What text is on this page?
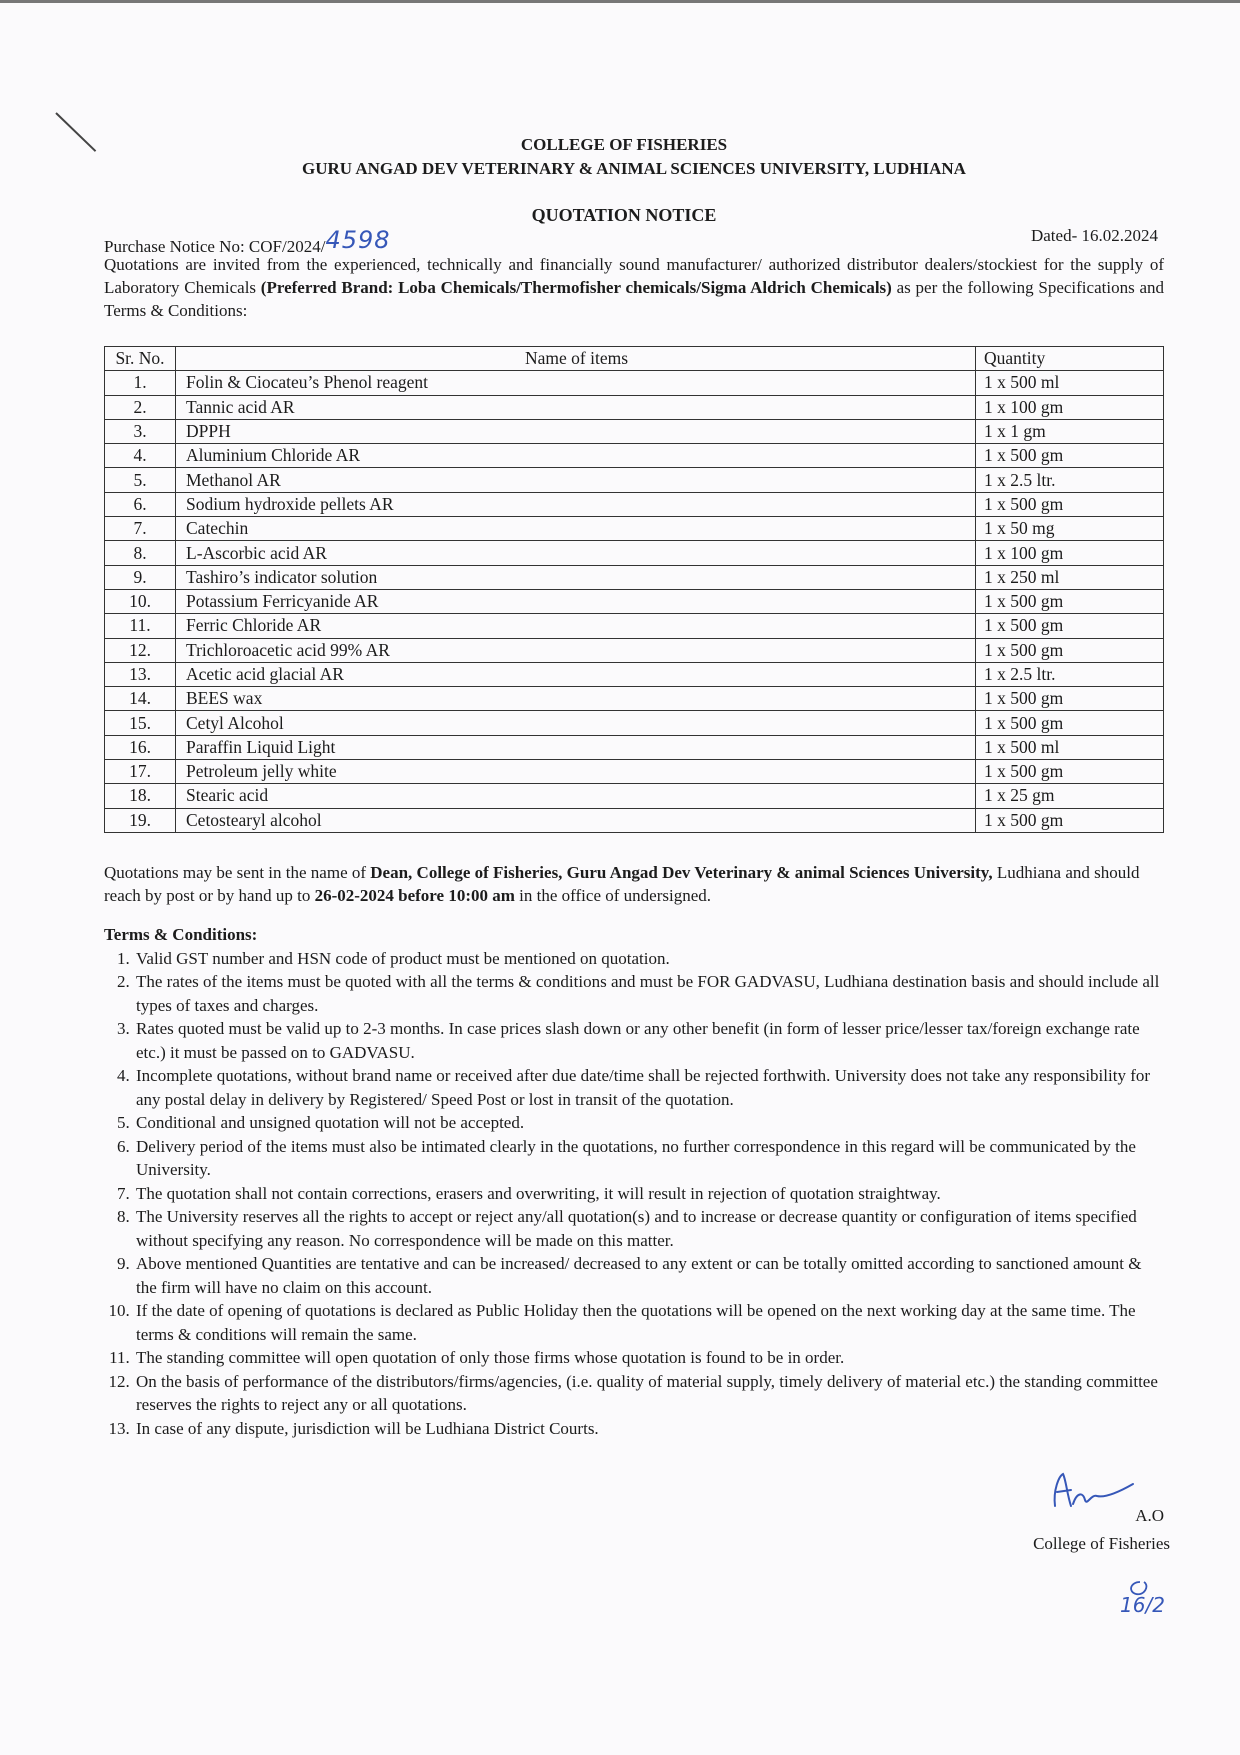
COLLEGE OF FISHERIES
GURU ANGAD DEV VETERINARY & ANIMAL SCIENCES UNIVERSITY, LUDHIANA
QUOTATION NOTICE
Purchase Notice No: COF/2024/4598	Dated- 16.02.2024
Quotations are invited from the experienced, technically and financially sound manufacturer/ authorized distributor dealers/stockiest for the supply of Laboratory Chemicals (Preferred Brand: Loba Chemicals/Thermofisher chemicals/Sigma Aldrich Chemicals) as per the following Specifications and Terms & Conditions:
Sr. No.	Name of items	Quantity
1.	Folin & Ciocateu’s Phenol reagent	1 x 500 ml
2.	Tannic acid AR	1 x 100 gm
3.	DPPH	1 x 1 gm
4.	Aluminium Chloride AR	1 x 500 gm
5.	Methanol AR	1 x 2.5 ltr.
6.	Sodium hydroxide pellets AR	1 x 500 gm
7.	Catechin	1 x 50 mg
8.	L-Ascorbic acid AR	1 x 100 gm
9.	Tashiro’s indicator solution	1 x 250 ml
10.	Potassium Ferricyanide AR	1 x 500 gm
11.	Ferric Chloride AR	1 x 500 gm
12.	Trichloroacetic acid 99% AR	1 x 500 gm
13.	Acetic acid glacial AR	1 x 2.5 ltr.
14.	BEES wax	1 x 500 gm
15.	Cetyl Alcohol	1 x 500 gm
16.	Paraffin Liquid Light	1 x 500 ml
17.	Petroleum jelly white	1 x 500 gm
18.	Stearic acid	1 x 25 gm
19.	Cetostearyl alcohol	1 x 500 gm
Quotations may be sent in the name of Dean, College of Fisheries, Guru Angad Dev Veterinary & animal Sciences University, Ludhiana and should reach by post or by hand up to 26-02-2024 before 10:00 am in the office of undersigned.
Terms & Conditions:
1. Valid GST number and HSN code of product must be mentioned on quotation.
2. The rates of the items must be quoted with all the terms & conditions and must be FOR GADVASU, Ludhiana destination basis and should include all types of taxes and charges.
3. Rates quoted must be valid up to 2-3 months. In case prices slash down or any other benefit (in form of lesser price/lesser tax/foreign exchange rate etc.) it must be passed on to GADVASU.
4. Incomplete quotations, without brand name or received after due date/time shall be rejected forthwith. University does not take any responsibility for any postal delay in delivery by Registered/ Speed Post or lost in transit of the quotation.
5. Conditional and unsigned quotation will not be accepted.
6. Delivery period of the items must also be intimated clearly in the quotations, no further correspondence in this regard will be communicated by the University.
7. The quotation shall not contain corrections, erasers and overwriting, it will result in rejection of quotation straightway.
8. The University reserves all the rights to accept or reject any/all quotation(s) and to increase or decrease quantity or configuration of items specified without specifying any reason. No correspondence will be made on this matter.
9. Above mentioned Quantities are tentative and can be increased/ decreased to any extent or can be totally omitted according to sanctioned amount & the firm will have no claim on this account.
10. If the date of opening of quotations is declared as Public Holiday then the quotations will be opened on the next working day at the same time. The terms & conditions will remain the same.
11. The standing committee will open quotation of only those firms whose quotation is found to be in order.
12. On the basis of performance of the distributors/firms/agencies, (i.e. quality of material supply, timely delivery of material etc.) the standing committee reserves the rights to reject any or all quotations.
13. In case of any dispute, jurisdiction will be Ludhiana District Courts.
A.O
College of Fisheries
16/2
